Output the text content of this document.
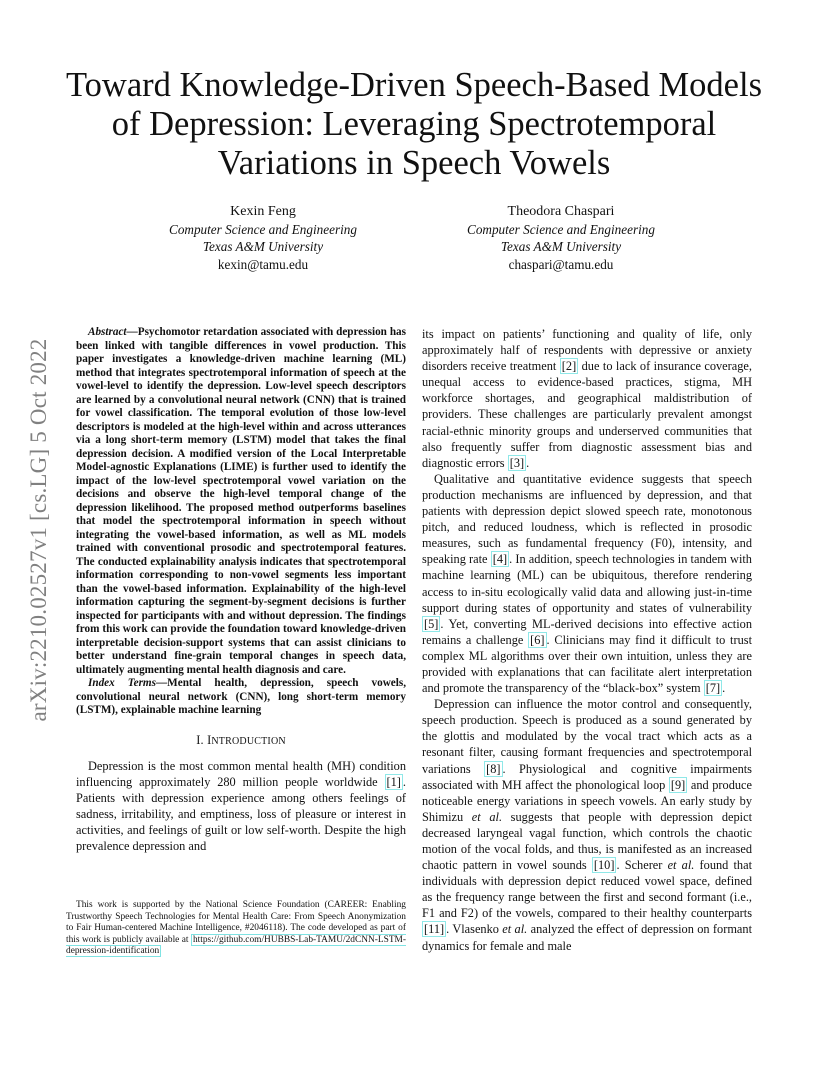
arXiv:2210.02527v1 [cs.LG] 5 Oct 2022
Toward Knowledge-Driven Speech-Based Models of Depression: Leveraging Spectrotemporal Variations in Speech Vowels
Kexin Feng
Computer Science and Engineering
Texas A&M University
kexin@tamu.edu
Theodora Chaspari
Computer Science and Engineering
Texas A&M University
chaspari@tamu.edu

Abstract—Psychomotor retardation associated with depression has been linked with tangible differences in vowel production. This paper investigates a knowledge-driven machine learning (ML) method that integrates spectrotemporal information of speech at the vowel-level to identify the depression. Low-level speech descriptors are learned by a convolutional neural network (CNN) that is trained for vowel classification. The temporal evolution of those low-level descriptors is modeled at the high-level within and across utterances via a long short-term memory (LSTM) model that takes the final depression decision. A modified version of the Local Interpretable Model-agnostic Explanations (LIME) is further used to identify the impact of the low-level spectrotemporal vowel variation on the decisions and observe the high-level temporal change of the depression likelihood. The proposed method outperforms baselines that model the spectrotemporal information in speech without integrating the vowel-based information, as well as ML models trained with conventional prosodic and spectrotemporal features. The conducted explainability analysis indicates that spectrotemporal information corresponding to non-vowel segments less important than the vowel-based information. Explainability of the high-level information capturing the segment-by-segment decisions is further inspected for participants with and without depression. The findings from this work can provide the foundation toward knowledge-driven interpretable decision-support systems that can assist clinicians to better understand fine-grain temporal changes in speech data, ultimately augmenting mental health diagnosis and care.

Index Terms—Mental health, depression, speech vowels, convolutional neural network (CNN), long short-term memory (LSTM), explainable machine learning

I. INTRODUCTION

Depression is the most common mental health (MH) condition influencing approximately 280 million people worldwide [1] . Patients with depression experience among others feelings of sadness, irritability, and emptiness, loss of pleasure or interest in activities, and feelings of guilt or low self-worth. Despite the high prevalence depression and

This work is supported by the National Science Foundation (CAREER: Enabling Trustworthy Speech Technologies for Mental Health Care: From Speech Anonymization to Fair Human-centered Machine Intelligence, #2046118). The code developed as part of this work is publicly available at https://github.com/HUBBS-Lab-TAMU/2dCNN-LSTM-depression-identification

its impact on patients’ functioning and quality of life, only approximately half of respondents with depressive or anxiety disorders receive treatment [2] due to lack of insurance coverage, unequal access to evidence-based practices, stigma, MH workforce shortages, and geographical maldistribution of providers. These challenges are particularly prevalent amongst racial-ethnic minority groups and underserved communities that also frequently suffer from diagnostic assessment bias and diagnostic errors [3] .

Qualitative and quantitative evidence suggests that speech production mechanisms are influenced by depression, and that patients with depression depict slowed speech rate, monotonous pitch, and reduced loudness, which is reflected in prosodic measures, such as fundamental frequency (F0), intensity, and speaking rate [4] . In addition, speech technologies in tandem with machine learning (ML) can be ubiquitous, therefore rendering access to in-situ ecologically valid data and allowing just-in-time support during states of opportunity and states of vulnerability [5] . Yet, converting ML-derived decisions into effective action remains a challenge [6] . Clinicians may find it difficult to trust complex ML algorithms over their own intuition, unless they are provided with explanations that can facilitate alert interpretation and promote the transparency of the “black-box” system [7] .

Depression can influence the motor control and consequently, speech production. Speech is produced as a sound generated by the glottis and modulated by the vocal tract which acts as a resonant filter, causing formant frequencies and spectrotemporal variations [8] . Physiological and cognitive impairments associated with MH affect the phonological loop [9] and produce noticeable energy variations in speech vowels. An early study by Shimizu et al. suggests that people with depression depict decreased laryngeal vagal function, which controls the chaotic motion of the vocal folds, and thus, is manifested as an increased chaotic pattern in vowel sounds [10] . Scherer et al. found that individuals with depression depict reduced vowel space, defined as the frequency range between the first and second formant (i.e., F1 and F2) of the vowels, compared to their healthy counterparts [11] . Vlasenko et al. analyzed the effect of depression on formant dynamics for female and male
